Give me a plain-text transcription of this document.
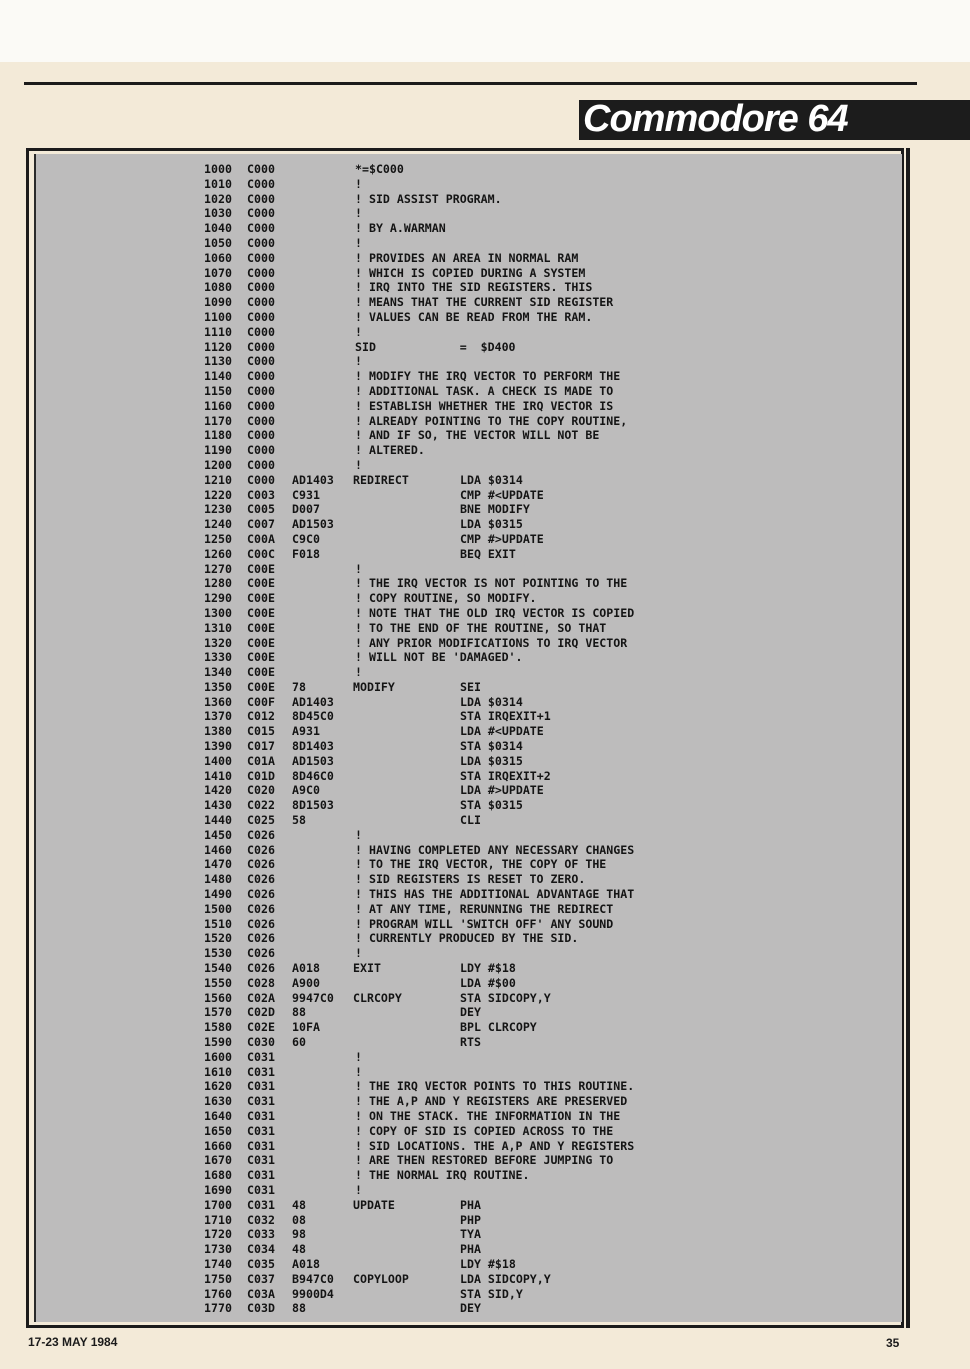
Commodore 64
1000 C000	*=$C000
1010 C000	!
1020 C000	! SID ASSIST PROGRAM.
1030 C000	!
1040 C000	! BY A.WARMAN
1050 C000	!
1060 C000	! PROVIDES AN AREA IN NORMAL RAM
1070 C000	! WHICH IS COPIED DURING A SYSTEM
1080 C000	! IRQ INTO THE SID REGISTERS. THIS
1090 C000	! MEANS THAT THE CURRENT SID REGISTER
1100 C000	! VALUES CAN BE READ FROM THE RAM.
1110 C000	!
1120 C000	SID            =  $D400
1130 C000	!
1140 C000	! MODIFY THE IRQ VECTOR TO PERFORM THE
1150 C000	! ADDITIONAL TASK. A CHECK IS MADE TO
1160 C000	! ESTABLISH WHETHER THE IRQ VECTOR IS
1170 C000	! ALREADY POINTING TO THE COPY ROUTINE,
1180 C000	! AND IF SO, THE VECTOR WILL NOT BE
1190 C000	! ALTERED.
1200 C000	!
1210 C000 AD1403 REDIRECT	LDA $0314
1220 C003 C931	CMP #<UPDATE
1230 C005 D007	BNE MODIFY
1240 C007 AD1503	LDA $0315
1250 C00A C9C0	CMP #>UPDATE
1260 C00C F018	BEQ EXIT
1270 C00E	!
1280 C00E	! THE IRQ VECTOR IS NOT POINTING TO THE
1290 C00E	! COPY ROUTINE, SO MODIFY.
1300 C00E	! NOTE THAT THE OLD IRQ VECTOR IS COPIED
1310 C00E	! TO THE END OF THE ROUTINE, SO THAT
1320 C00E	! ANY PRIOR MODIFICATIONS TO IRQ VECTOR
1330 C00E	! WILL NOT BE 'DAMAGED'.
1340 C00E	!
1350 C00E 78	MODIFY	SEI
1360 C00F AD1403	LDA $0314
1370 C012 8D45C0	STA IRQEXIT+1
1380 C015 A931	LDA #<UPDATE
1390 C017 8D1403	STA $0314
1400 C01A AD1503	LDA $0315
1410 C01D 8D46C0	STA IRQEXIT+2
1420 C020 A9C0	LDA #>UPDATE
1430 C022 8D1503	STA $0315
1440 C025 58	CLI
1450 C026	!
1460 C026	! HAVING COMPLETED ANY NECESSARY CHANGES
1470 C026	! TO THE IRQ VECTOR, THE COPY OF THE
1480 C026	! SID REGISTERS IS RESET TO ZERO.
1490 C026	! THIS HAS THE ADDITIONAL ADVANTAGE THAT
1500 C026	! AT ANY TIME, RERUNNING THE REDIRECT
1510 C026	! PROGRAM WILL 'SWITCH OFF' ANY SOUND
1520 C026	! CURRENTLY PRODUCED BY THE SID.
1530 C026	!
1540 C026 A018	EXIT	LDY #$18
1550 C028 A900	LDA #$00
1560 C02A 9947C0 CLRCOPY	STA SIDCOPY,Y
1570 C02D 88	DEY
1580 C02E 10FA	BPL CLRCOPY
1590 C030 60	RTS
1600 C031	!
1610 C031	!
1620 C031	! THE IRQ VECTOR POINTS TO THIS ROUTINE.
1630 C031	! THE A,P AND Y REGISTERS ARE PRESERVED
1640 C031	! ON THE STACK. THE INFORMATION IN THE
1650 C031	! COPY OF SID IS COPIED ACROSS TO THE
1660 C031	! SID LOCATIONS. THE A,P AND Y REGISTERS
1670 C031	! ARE THEN RESTORED BEFORE JUMPING TO
1680 C031	! THE NORMAL IRQ ROUTINE.
1690 C031	!
1700 C031 48	UPDATE	PHA
1710 C032 08	PHP
1720 C033 98	TYA
1730 C034 48	PHA
1740 C035 A018	LDY #$18
1750 C037 B947C0 COPYLOOP	LDA SIDCOPY,Y
1760 C03A 9900D4	STA SID,Y
1770 C03D 88	DEY
17-23 MAY 1984	35
